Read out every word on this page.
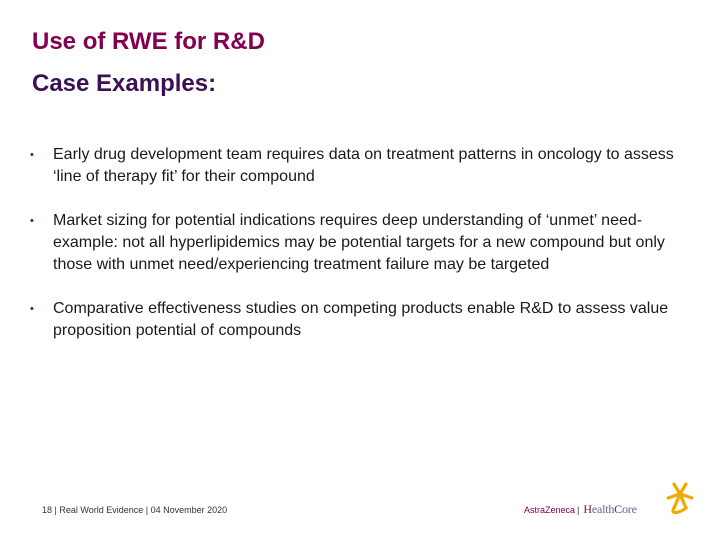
Use of RWE for R&D
Case Examples:
• Early drug development team requires data on treatment patterns in oncology to assess ‘line of therapy fit’ for their compound
• Market sizing for potential indications requires deep understanding of ‘unmet’ need- example: not all hyperlipidemics may be potential targets for a new compound but only those with unmet need/experiencing treatment failure may be targeted
• Comparative effectiveness studies on competing products enable R&D to assess value proposition potential of compounds
18 | Real World Evidence | 04 November 2020	AstraZeneca | HealthCore
